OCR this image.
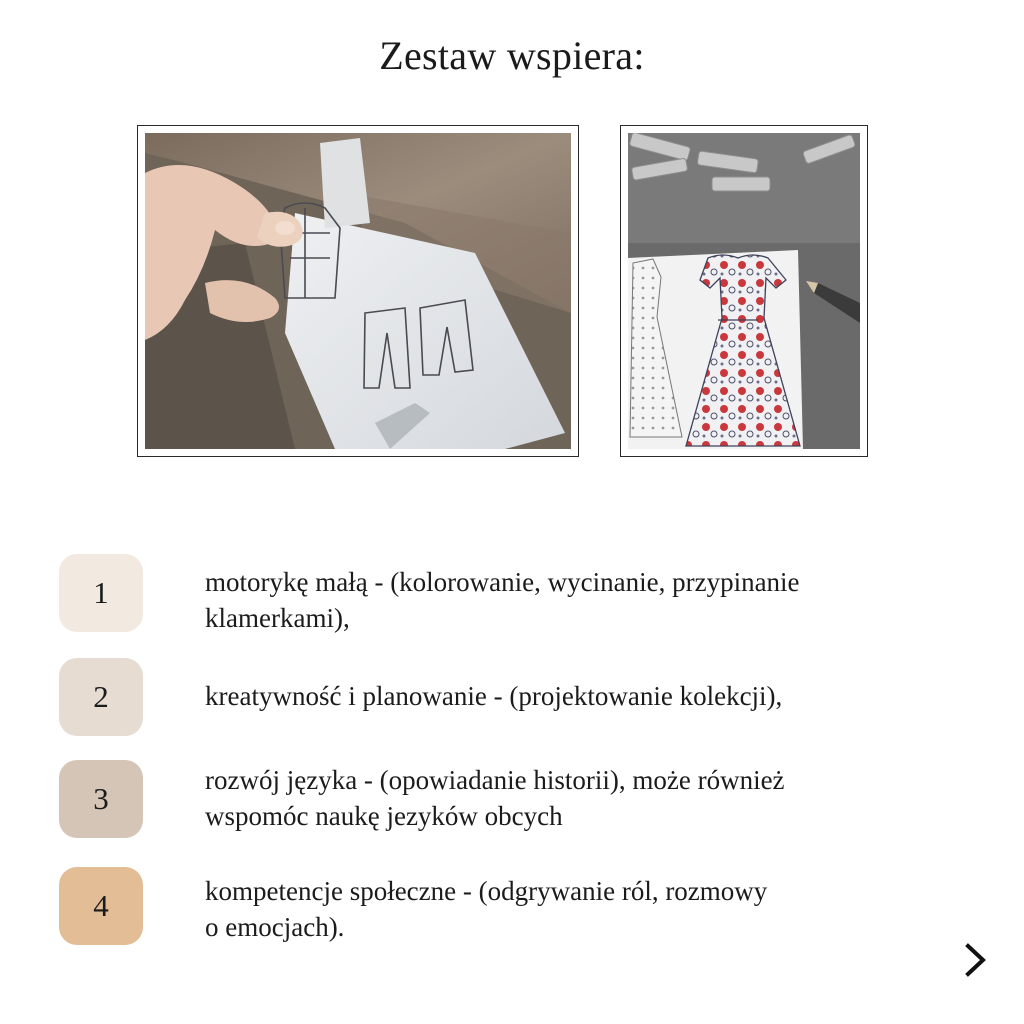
Zestaw wspiera:
1	motorykę małą - (kolorowanie, wycinanie, przypinanie
klamerkami),
2	kreatywność i planowanie - (projektowanie kolekcji),
3
rozwój języka - (opowiadanie historii), może również
wspomóc naukę jezyków obcych
4	kompetencje społeczne - (odgrywanie ról, rozmowy
o emocjach).
